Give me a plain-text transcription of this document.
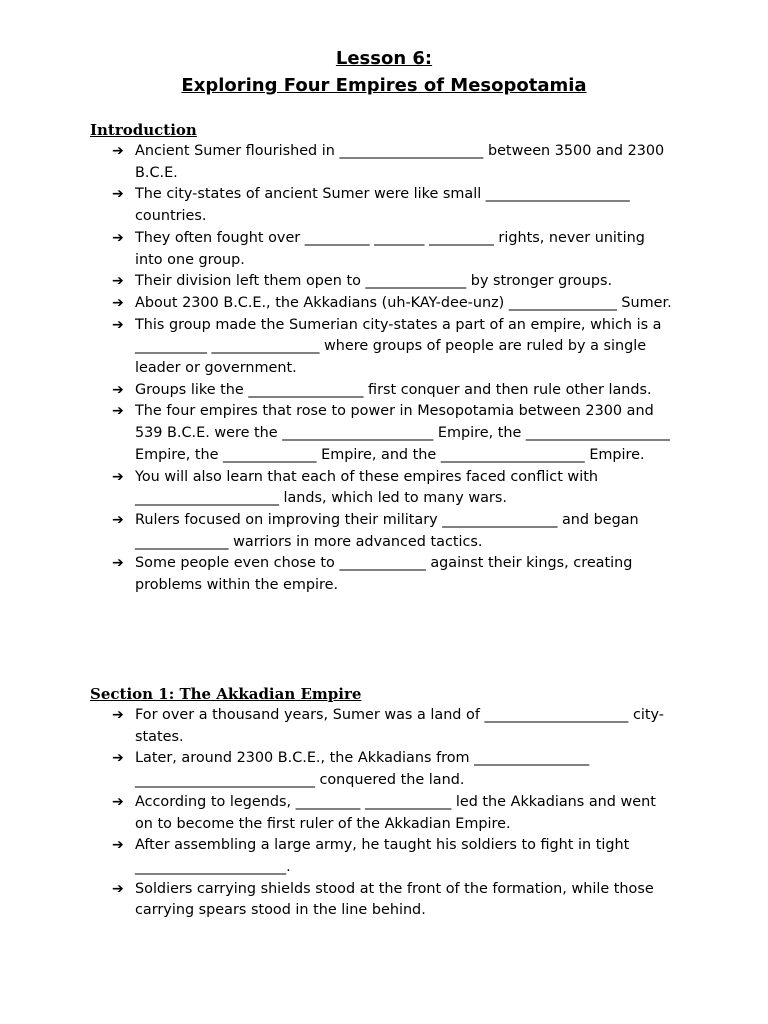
Lesson 6:

Exploring Four Empires of Mesopotamia

Introduction

➔ Ancient Sumer flourished in ____________________ between 3500 and 2300 B.C.E.
➔ The city-states of ancient Sumer were like small ____________________ countries.
➔ They often fought over _________ _______ _________ rights, never uniting into one group.
➔ Their division left them open to ______________ by stronger groups.
➔ About 2300 B.C.E., the Akkadians (uh-KAY-dee-unz) _______________ Sumer.
➔ This group made the Sumerian city-states a part of an empire, which is a __________ _______________ where groups of people are ruled by a single leader or government.
➔ Groups like the ________________ first conquer and then rule other lands.
➔ The four empires that rose to power in Mesopotamia between 2300 and 539 B.C.E. were the _____________________ Empire, the ____________________ Empire, the _____________ Empire, and the ____________________ Empire.
➔ You will also learn that each of these empires faced conflict with ____________________ lands, which led to many wars.
➔ Rulers focused on improving their military ________________ and began _____________ warriors in more advanced tactics.
➔ Some people even chose to ____________ against their kings, creating problems within the empire.

Section 1: The Akkadian Empire

➔ For over a thousand years, Sumer was a land of ____________________ city-states.
➔ Later, around 2300 B.C.E., the Akkadians from ________________ _________________________ conquered the land.
➔ According to legends, _________ ____________ led the Akkadians and went on to become the first ruler of the Akkadian Empire.
➔ After assembling a large army, he taught his soldiers to fight in tight _____________________.
➔ Soldiers carrying shields stood at the front of the formation, while those carrying spears stood in the line behind.
